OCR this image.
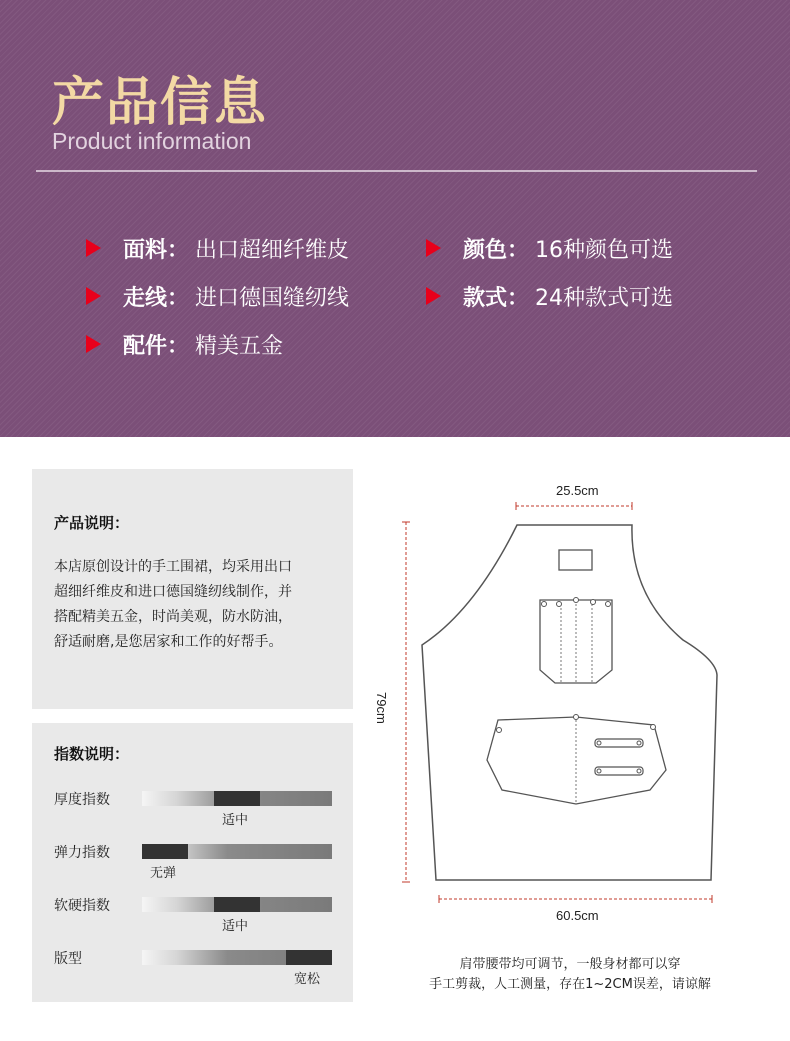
产品信息
Product information
面料： 出口超细纤维皮	颜色： 16种颜色可选
走线： 进口德国缝纫线	款式： 24种款式可选
配件： 精美五金
产品说明：
本店原创设计的手工围裙，均采用出口
超细纤维皮和进口德国缝纫线制作，并
搭配精美五金，时尚美观，防水防油，
舒适耐磨,是您居家和工作的好帮手。
指数说明：
厚度指数
适中
弹力指数
无弹
软硬指数
适中
版型
宽松
25.5cm
79cm
60.5cm
肩带腰带均可调节，一般身材都可以穿
手工剪裁，人工测量，存在1~2CM误差，请谅解
